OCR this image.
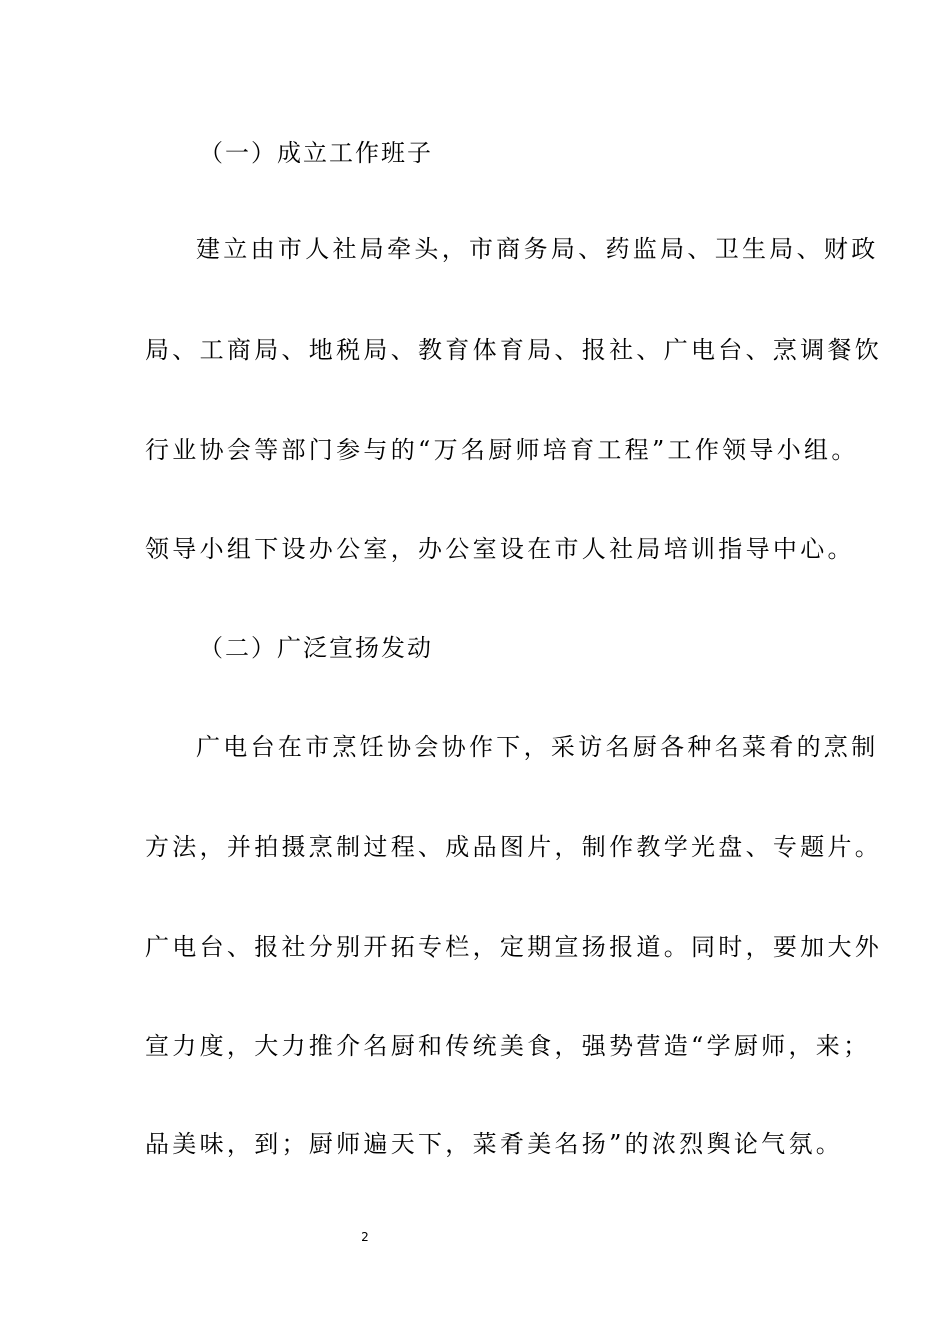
（一）成立工作班子
建立由市人社局牵头，市商务局、药监局、卫生局、财政
局、工商局、地税局、教育体育局、报社、广电台、烹调餐饮
行业协会等部门参与的“万名厨师培育工程”工作领导小组。
领导小组下设办公室，办公室设在市人社局培训指导中心。
（二）广泛宣扬发动
广电台在市烹饪协会协作下，采访名厨各种名菜肴的烹制
方法，并拍摄烹制过程、成品图片，制作教学光盘、专题片。
广电台、报社分别开拓专栏，定期宣扬报道。同时，要加大外
宣力度，大力推介名厨和传统美食，强势营造“学厨师，来；
品美味，到；厨师遍天下，菜肴美名扬”的浓烈舆论气氛。
2
